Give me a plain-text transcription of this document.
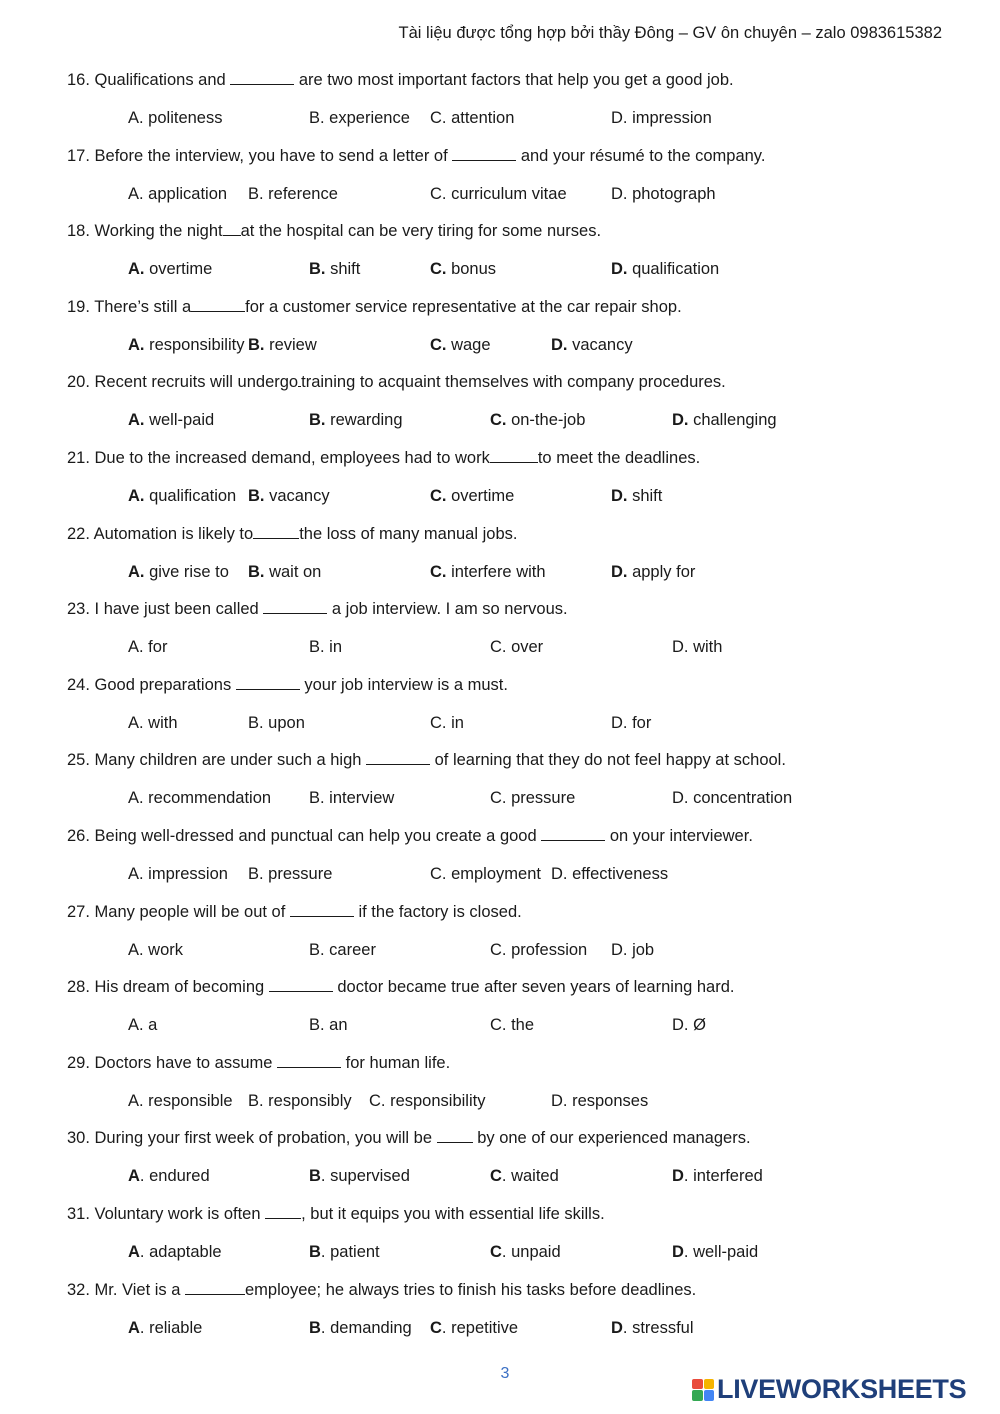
Tài liệu được tổng hợp bởi thầy Đông – GV ôn chuyên – zalo 0983615382
16. Qualifications and	are two most important factors that help you get a good job.
A. politeness	B. experience C. attention	D. impression
17. Before the interview, you have to send a letter of	and your résumé to the company.
A. application B. reference	C. curriculum vitae	D. photograph
18. Working the night at the hospital can be very tiring for some nurses.
A. overtime	B. shift	C. bonus	D. qualification
19. There’s still a	for a customer service representative at the car repair shop.
A. responsibility B. review	C. wage	D. vacancy
20. Recent recruits will undergo training to acquaint themselves with company procedures.
A. well-paid	B. rewarding	C. on-the-job	D. challenging
21. Due to the increased demand, employees had to work	to meet the deadlines.
A. qualification B. vacancy	C. overtime	D. shift
22. Automation is likely to	the loss of many manual jobs.
A. give rise to B. wait on	C. interfere with	D. apply for
23. I have just been called	a job interview. I am so nervous.
A. for	B. in	C. over	D. with
24. Good preparations	your job interview is a must.
A. with	B. upon	C. in	D. for
25. Many children are under such a high	of learning that they do not feel happy at school.
A. recommendation B. interview	C. pressure	D. concentration
26. Being well-dressed and punctual can help you create a good	on your interviewer.
A. impression B. pressure	C. employment D. effectiveness
27. Many people will be out of	if the factory is closed.
A. work	B. career	C. profession D. job
28. His dream of becoming	doctor became true after seven years of learning hard.
A. a	B. an	C. the	D. Ø
29. Doctors have to assume	for human life.
A. responsible B. responsibly C. responsibility	D. responses
30. During your first week of probation, you will be  by one of our experienced managers.
A. endured	B. supervised	C. waited	D. interfered
31. Voluntary work is often , but it equips you with essential life skills.
A. adaptable	B. patient	C. unpaid	D. well-paid
32. Mr. Viet is a	employee; he always tries to finish his tasks before deadlines.
A. reliable	B. demanding C. repetitive	D. stressful
3
LIVEWORKSHEETS
